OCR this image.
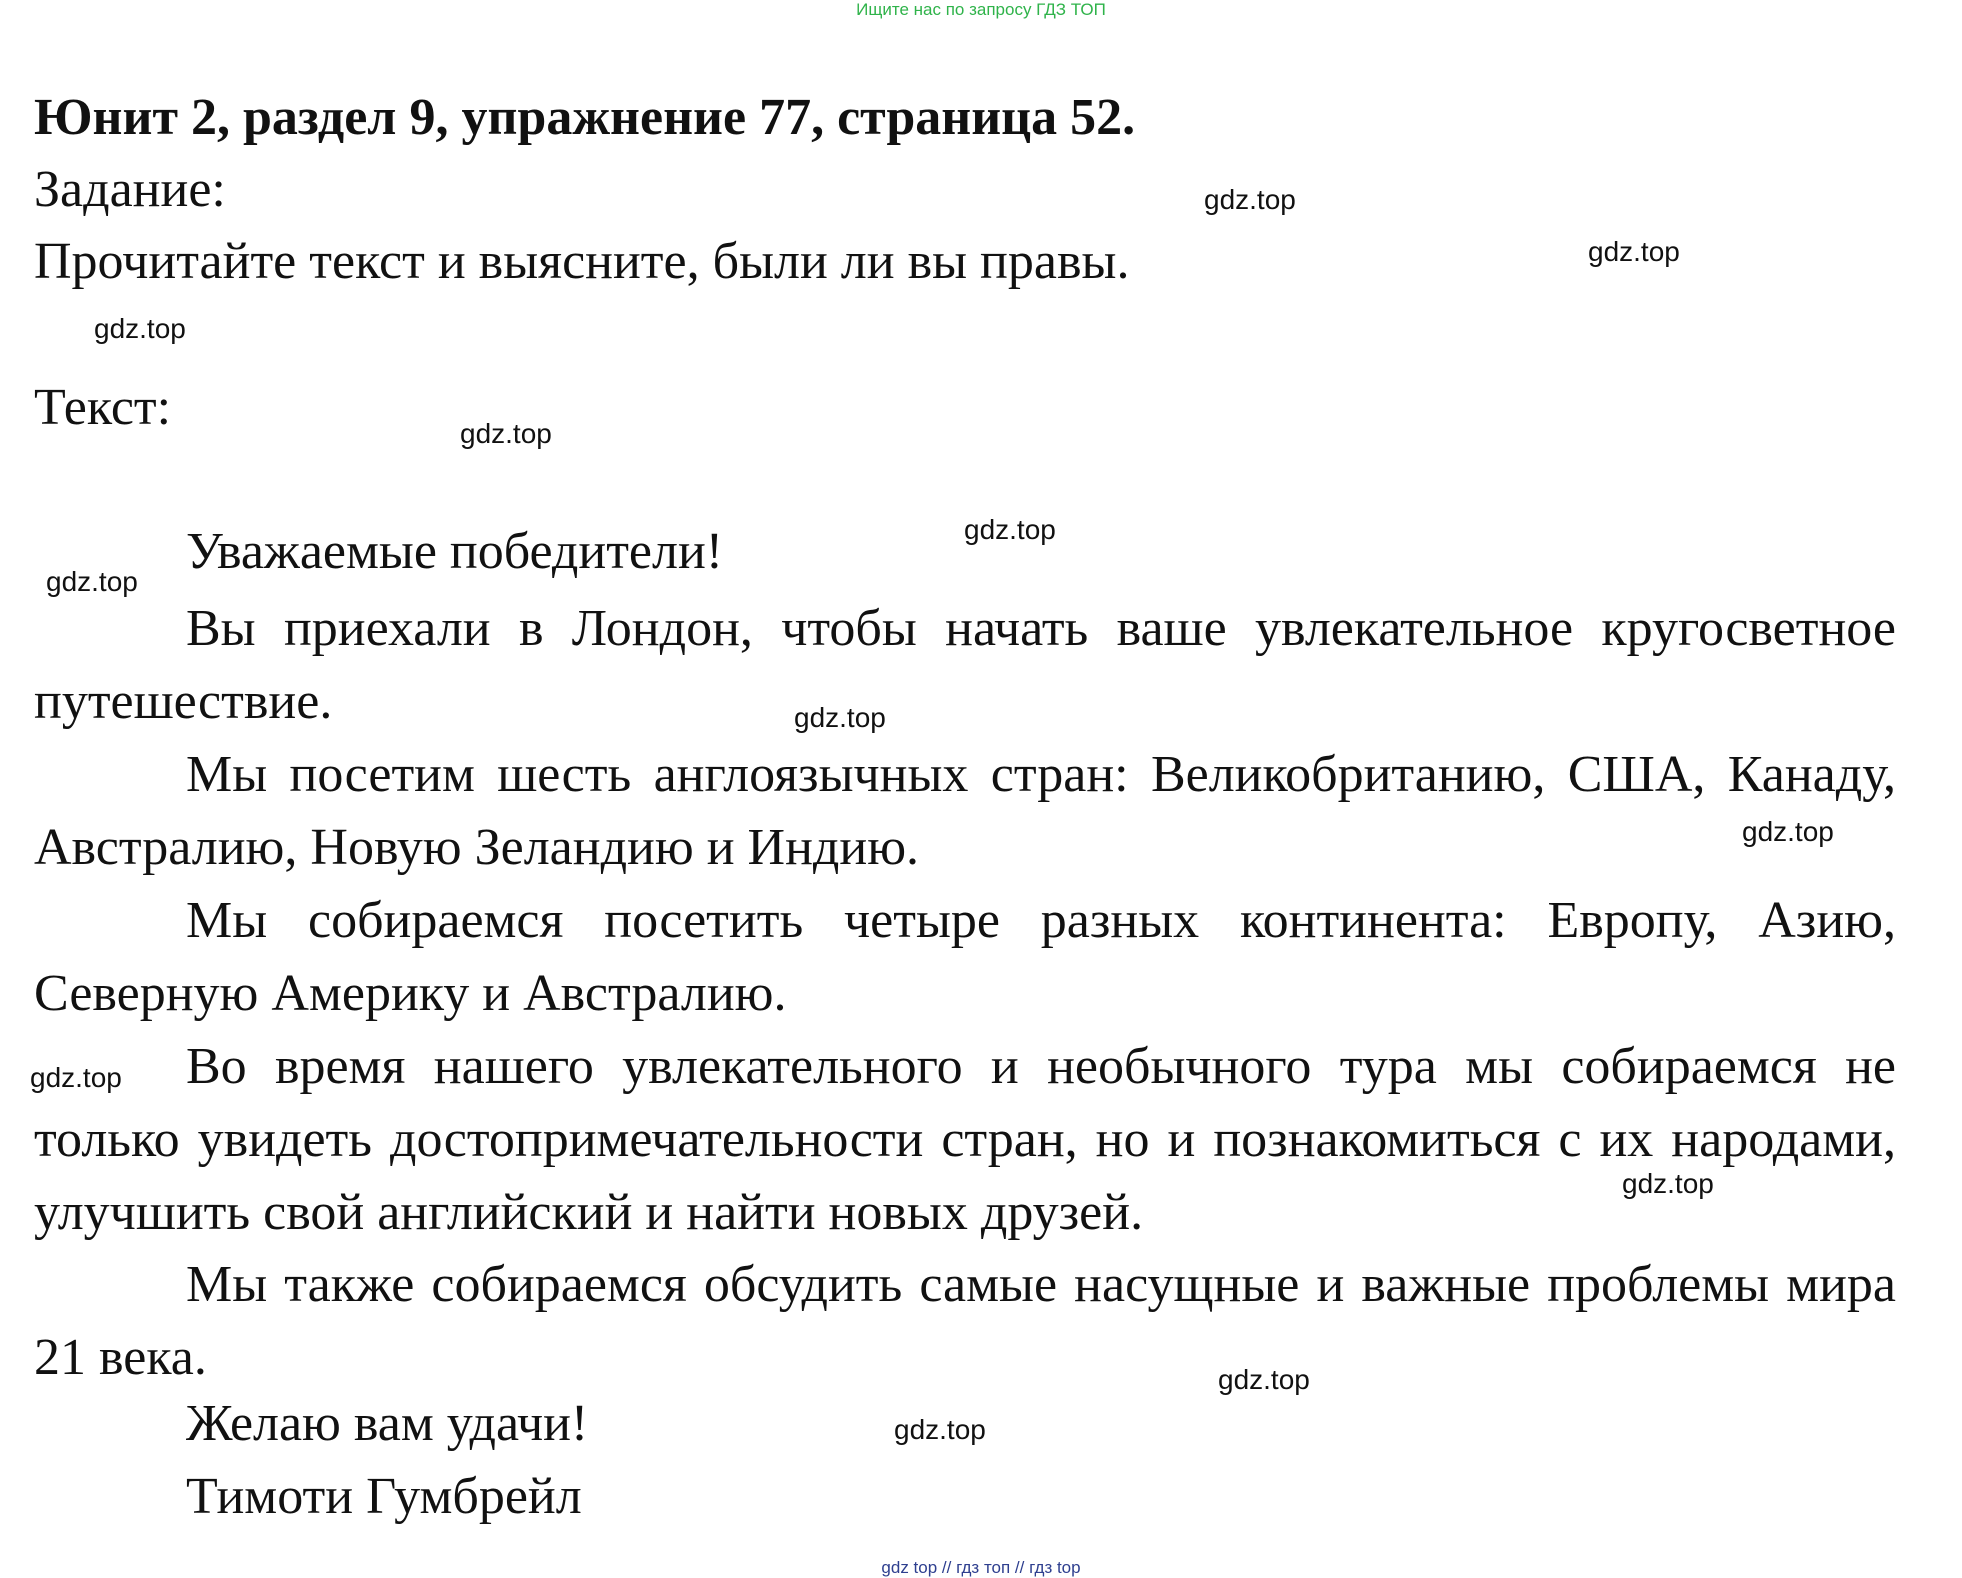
Ищите нас по запросу ГДЗ ТОП
Юнит 2, раздел 9, упражнение 77, страница 52.
Задание:
Прочитайте текст и выясните, были ли вы правы.
Текст:
Уважаемые победители!

Вы приехали в Лондон, чтобы начать ваше увлекательное кругосветное путешествие.

Мы посетим шесть англоязычных стран: Великобританию, США, Канаду, Австралию, Новую Зеландию и Индию.

Мы собираемся посетить четыре разных континента: Европу, Азию, Северную Америку и Австралию.

Во время нашего увлекательного и необычного тура мы собираемся не только увидеть достопримечательности стран, но и познакомиться с их народами, улучшить свой английский и найти новых друзей.

Мы также собираемся обсудить самые насущные и важные проблемы мира 21 века.

Желаю вам удачи!
Тимоти Гумбрейл
gdz.top
gdz.top
gdz.top
gdz.top
gdz.top
gdz.top
gdz.top
gdz.top
gdz.top
gdz.top
gdz.top
gdz.top
gdz top // гдз топ // гдз top
